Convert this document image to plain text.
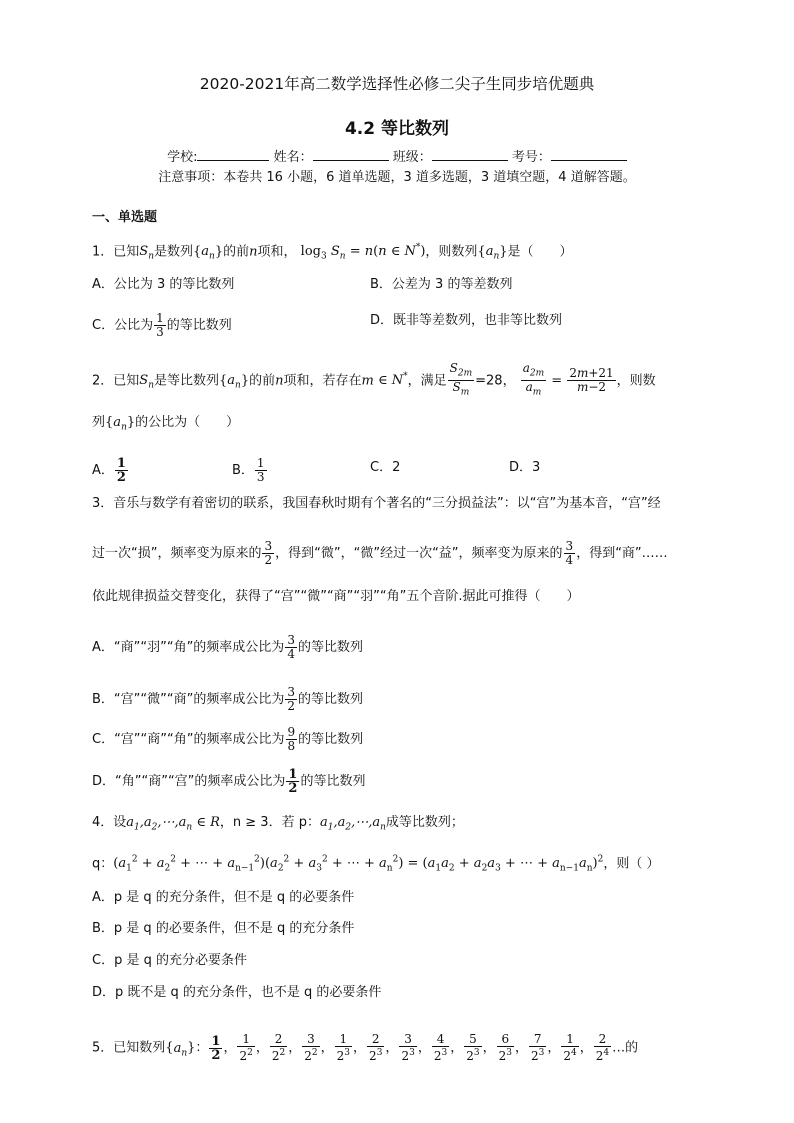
2020-2021年高二数学选择性必修二尖子生同步培优题典
4.2 等比数列
学校:	姓名：	班级：	考号：
注意事项：本卷共 16 小题，6 道单选题，3 道多选题，3 道填空题，4 道解答题。
一、单选题
1．已知$S_n$是数列$\{a_n\}$的前n项和， $\log_3 S_n = n(n$ ∈ N*)，则数列$\{a_n\}$是（　　）
A．公比为 3 的等比数列	B．公差为 3 的等差数列
C．公比为 $\frac{1}{3}$ 的等比数列	D．既非等差数列，也非等比数列
2．已知$S_n$是等比数列$\{a_n\}$的前n项和，若存在m ∈ N*，满足 $\frac{S_{2m}}{S_m} =28$， $\frac{a_{2m}}{a_m} = \frac{2m+21}{m-2}$ ，则数
列$\{a_n\}$的公比为（　　）
A． $\frac{1}{2}$	B． $\frac{1}{3}$	C．2	D．3
3．音乐与数学有着密切的联系，我国春秋时期有个著名的“三分损益法”：以“宫”为基本音，“宫”经
过一次“损”，频率变为原来的 $\frac{3}{2}$ ，得到“微”，“微”经过一次“益”，频率变为原来的 $\frac{3}{4}$ ，得到“商”……
依此规律损益交替变化，获得了“宫”“微”“商”“羽”“角”五个音阶.据此可推得（　　）
A．“商”“羽”“角”的频率成公比为 $\frac{3}{4}$ 的等比数列
B．“宫”“微”“商”的频率成公比为 $\frac{3}{2}$ 的等比数列
C．“宫”“商”“角”的频率成公比为 $\frac{9}{8}$ 的等比数列
D．“角”“商”“宫”的频率成公比为 $\frac{1}{2}$ 的等比数列
4．设$a_1,a_2,\cdots,a_n$ ∈ R，n ≥ 3．若 p：$a_1,a_2,\cdots,a_n$成等比数列；
q：($a_1^2 + a_2^2$ + ⋯ + $a_{n-1}^2)(a_2^2 + a_3^2$ + ⋯ + $a_n^2) = (a_1a_2 + a_2a_3$ + ⋯ + $a_{n-1}a_n)^2$，则（ ）
A．p 是 q 的充分条件，但不是 q 的必要条件
B．p 是 q 的必要条件，但不是 q 的充分条件
C．p 是 q 的充分必要条件
D．p 既不是 q 的充分条件，也不是 q 的必要条件
5．已知数列$\{a_n\}$： $\frac{1}{2}$ ， $\frac{1}{2^2}$ ， $\frac{2}{2^2}$ ， $\frac{3}{2^2}$ ， $\frac{1}{2^3}$ ， $\frac{2}{2^3}$ ， $\frac{3}{2^3}$ ， $\frac{4}{2^3}$ ， $\frac{5}{2^3}$ ， $\frac{6}{2^3}$ ， $\frac{7}{2^3}$ ， $\frac{1}{2^4}$ ， $\frac{2}{2^4}$ …的
